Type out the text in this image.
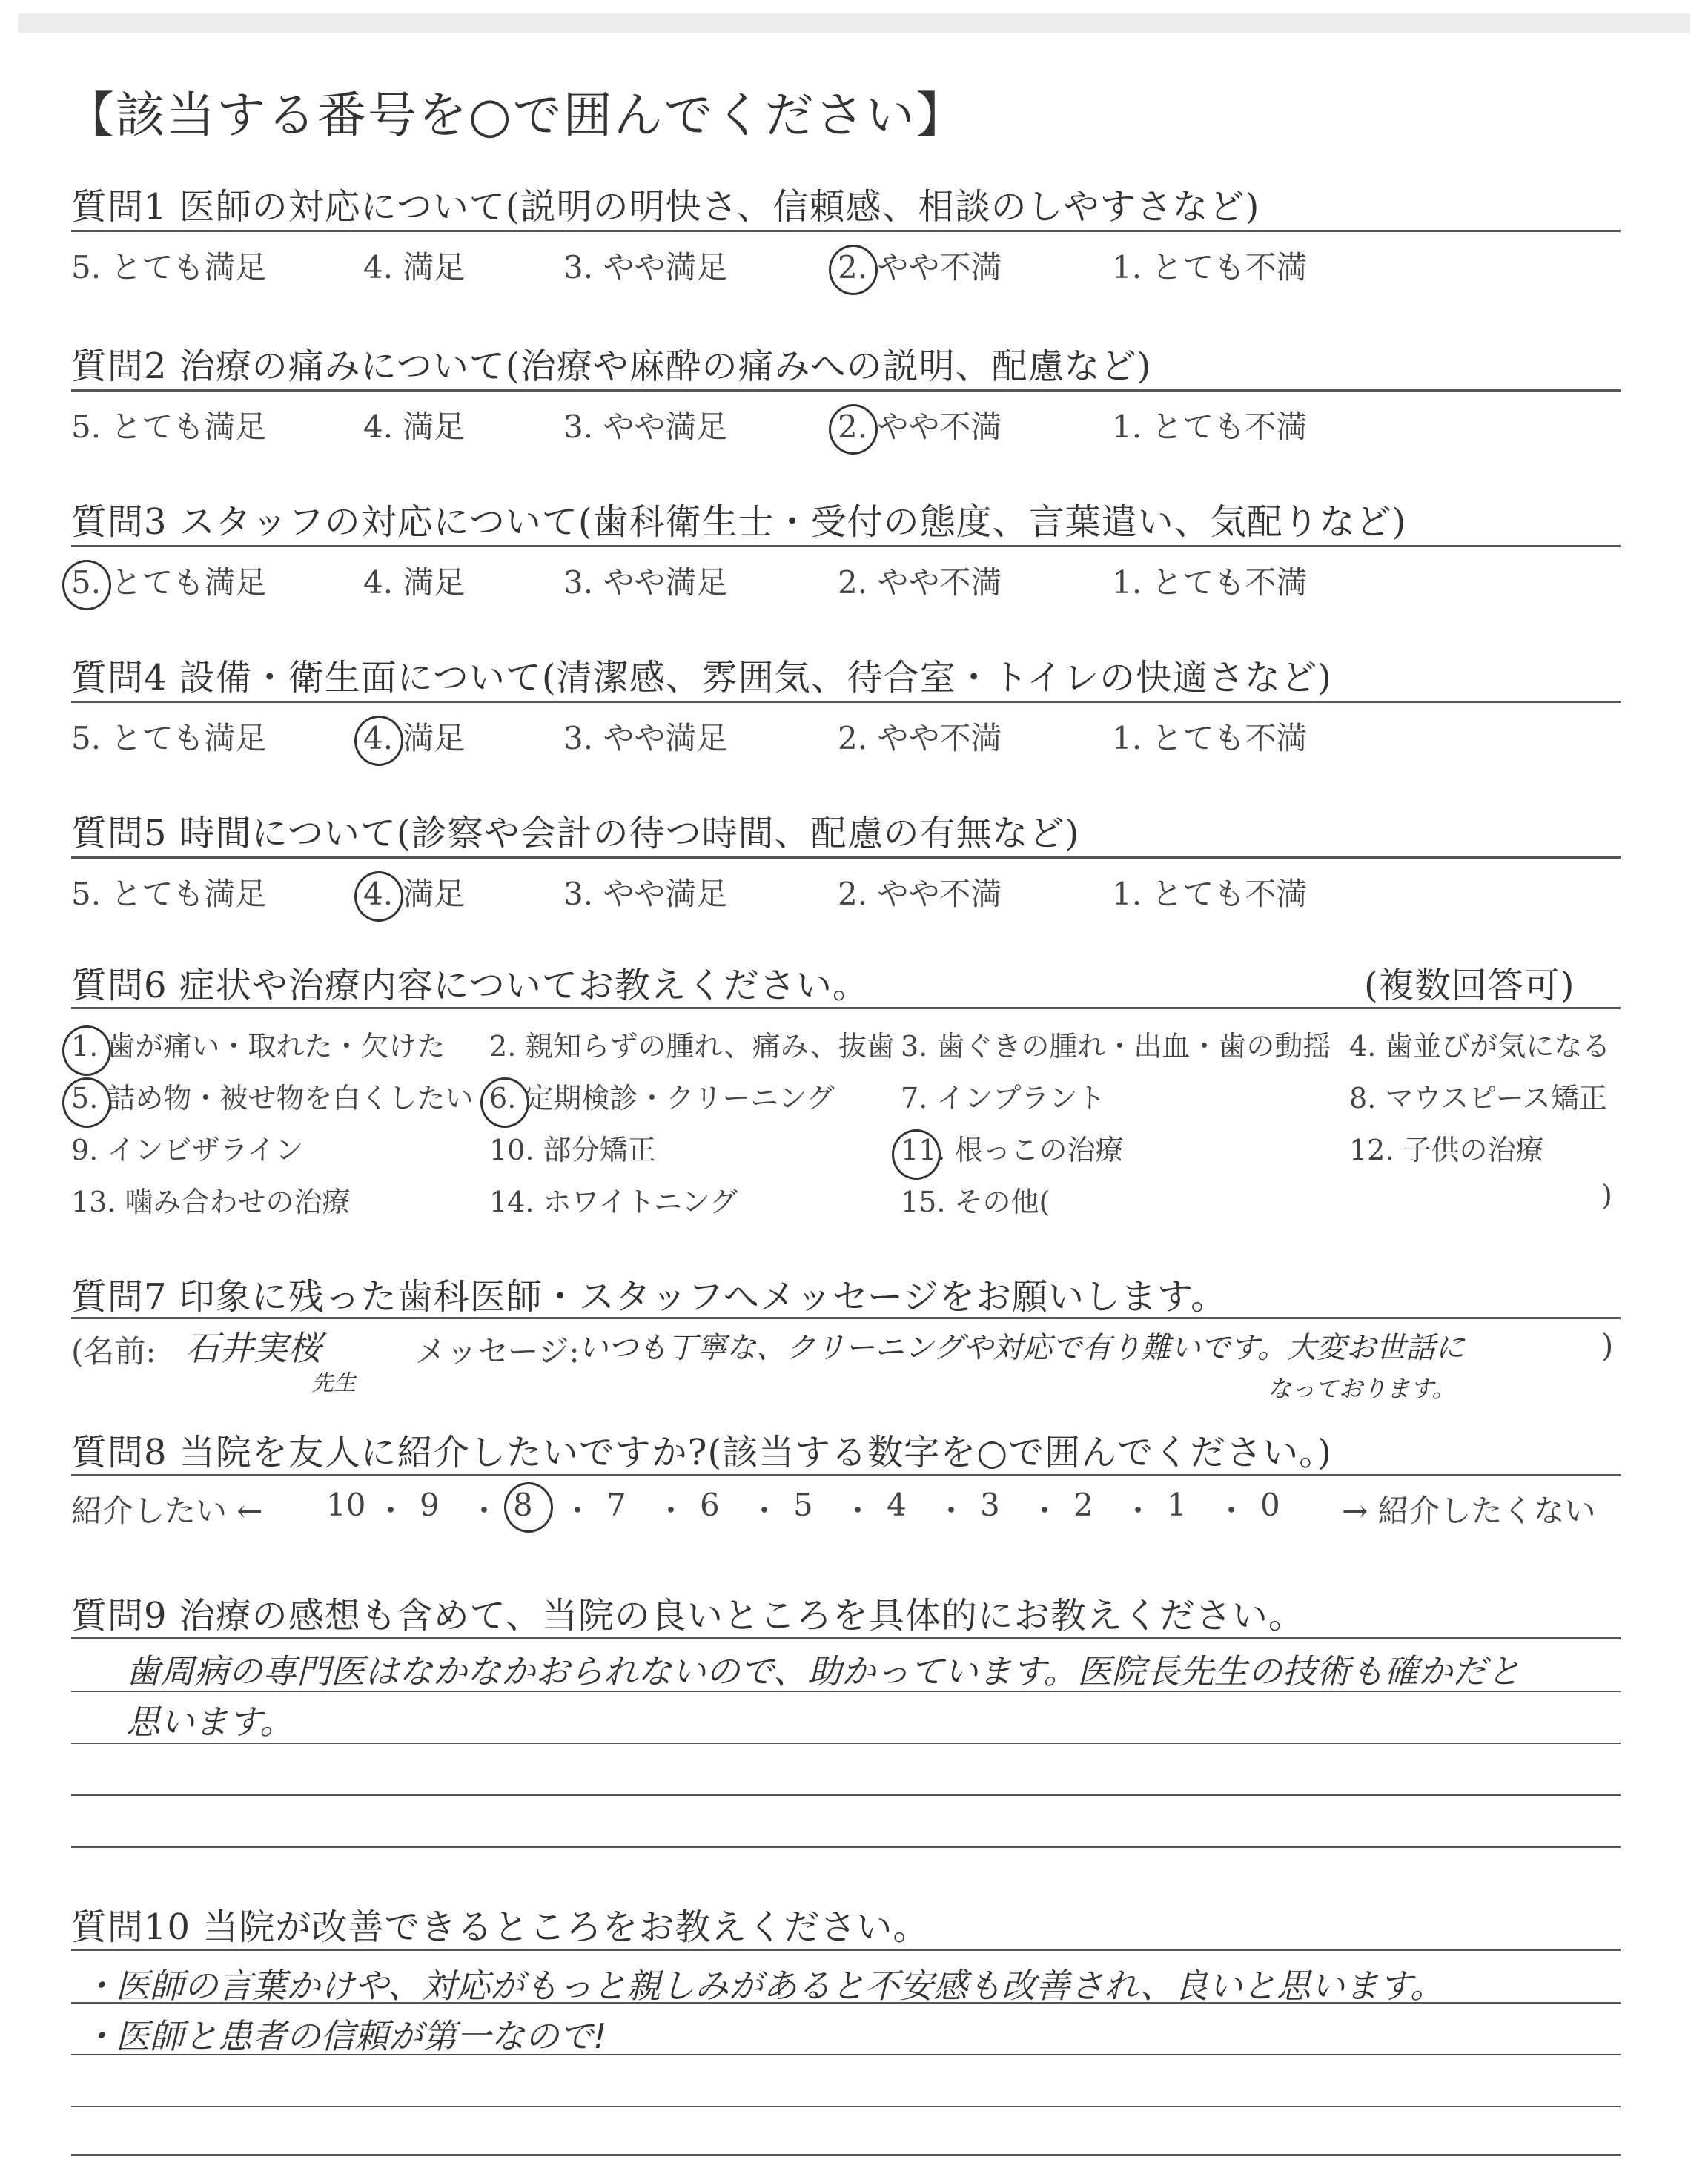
【該当する番号を○で囲んでください】
質問6 症状や治療内容についてお教えください。	(複数回答可)
質問7 印象に残った歯科医師・スタッフへメッセージをお願いします。
(名前: 石井実桜
先生
メッセージ:
いつも丁寧な、クリーニングや対応で有り難いです。大変お世話に
なっております。
)
質問8 当院を友人に紹介したいですか?(該当する数字を○で囲んでください。)
紹介したい ←	→ 紹介したくない
質問9 治療の感想も含めて、当院の良いところを具体的にお教えください。
質問10 当院が改善できるところをお教えください。
質問1 医師の対応について(説明の明快さ、信頼感、相談のしやすさなど)
5. とても満足	4. 満足	3. やや満足	2. やや不満	1. とても不満
質問2 治療の痛みについて(治療や麻酔の痛みへの説明、配慮など)
5. とても満足	4. 満足	3. やや満足	2. やや不満	1. とても不満
質問3 スタッフの対応について(歯科衛生士・受付の態度、言葉遣い、気配りなど)
5. とても満足	4. 満足	3. やや満足	2. やや不満	1. とても不満
質問4 設備・衛生面について(清潔感、雰囲気、待合室・トイレの快適さなど)
5. とても満足	4. 満足	3. やや満足	2. やや不満	1. とても不満
質問5 時間について(診察や会計の待つ時間、配慮の有無など)
5. とても満足	4. 満足	3. やや満足	2. やや不満	1. とても不満
1. 歯が痛い・取れた・欠けた 2. 親知らずの腫れ、痛み、抜歯 3. 歯ぐきの腫れ・出血・歯の動揺 4. 歯並びが気になる
5. 詰め物・被せ物を白くしたい 6. 定期検診・クリーニング 7. インプラント	8. マウスピース矯正
9. インビザライン	10. 部分矯正	11. 根っこの治療	12. 子供の治療
13. 噛み合わせの治療	14. ホワイトニング	15. その他(	)
10 ・ 9 ・ 8 ・ 7 ・ 6 ・ 5 ・ 4 ・ 3 ・ 2 ・ 1 ・ 0
歯周病の専門医はなかなかおられないので、助かっています。医院長先生の技術も確かだと
思います。
・医師の言葉かけや、対応がもっと親しみがあると不安感も改善され、良いと思います。
・医師と患者の信頼が第一なので!
